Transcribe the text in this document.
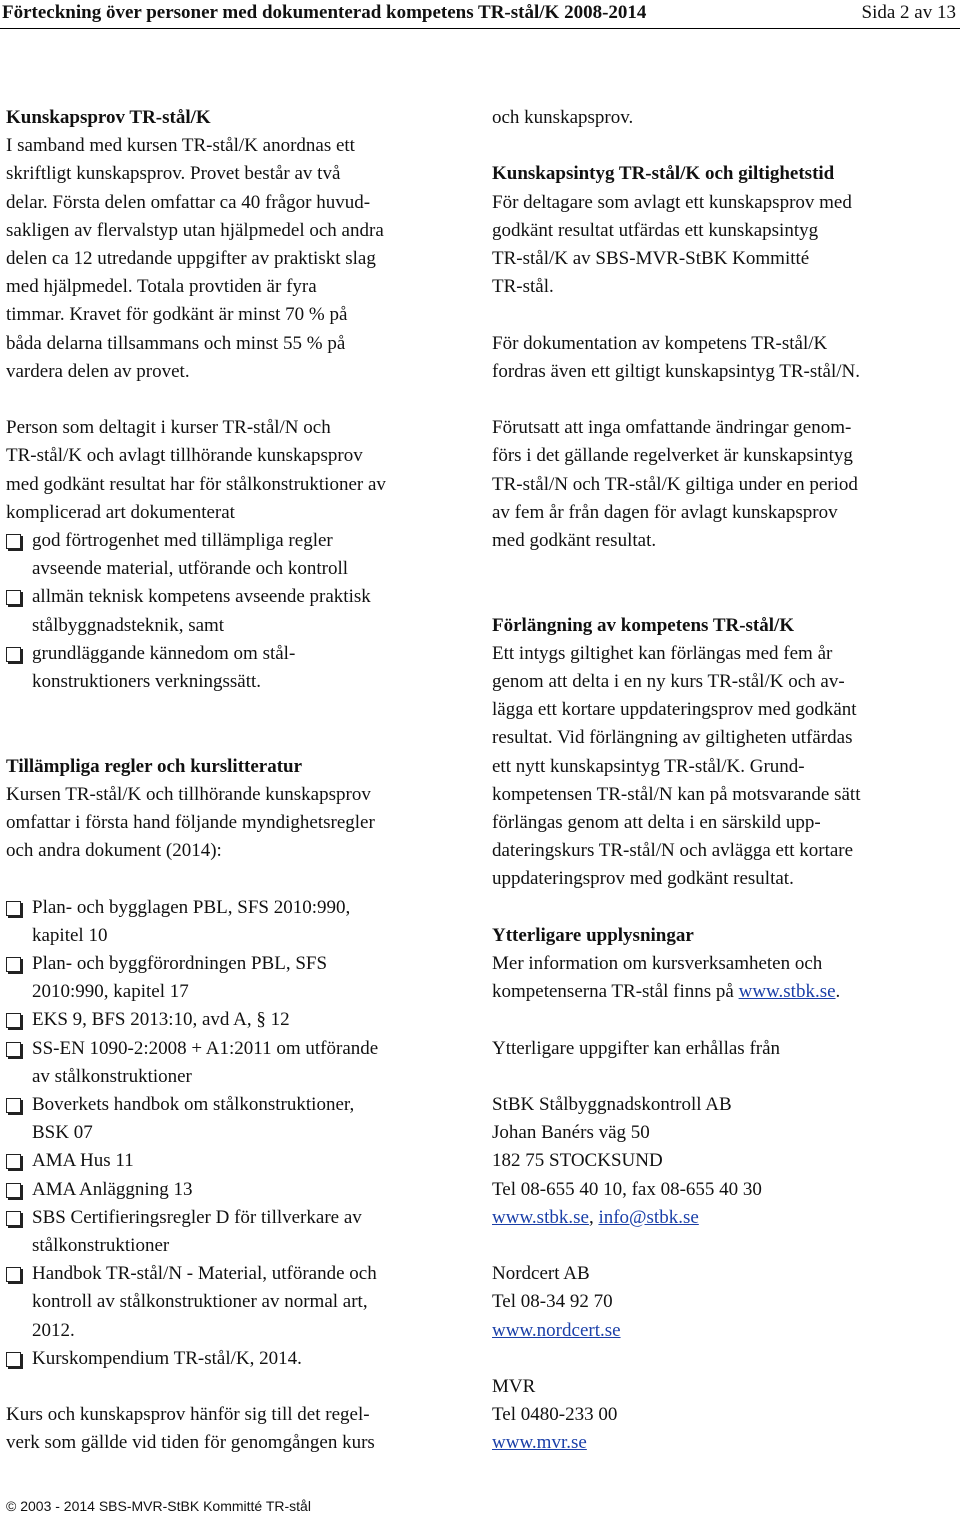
Förteckning över personer med dokumenterad kompetens TR-stål/K 2008-2014	Sida 2 av 13

Kunskapsprov TR-stål/K

I samband med kursen TR-stål/K anordnas ett

skriftligt kunskapsprov. Provet består av två

delar. Första delen omfattar ca 40 frågor huvud-

sakligen av flervalstyp utan hjälpmedel och andra

delen ca 12 utredande uppgifter av praktiskt slag

med hjälpmedel. Totala provtiden är fyra

timmar. Kravet för godkänt är minst 70 % på

båda delarna tillsammans och minst 55 % på

vardera delen av provet.

Person som deltagit i kurser TR-stål/N och

TR-stål/K och avlagt tillhörande kunskapsprov

med godkänt resultat har för stålkonstruktioner av

komplicerad art dokumenterat

god förtrogenhet med tillämpliga regler
avseende material, utförande och kontroll
allmän teknisk kompetens avseende praktisk
stålbyggnadsteknik, samt
grundläggande kännedom om stål-
konstruktioners verkningssätt.

Tillämpliga regler och kurslitteratur

Kursen TR-stål/K och tillhörande kunskapsprov

omfattar i första hand följande myndighetsregler

och andra dokument (2014):

Plan- och bygglagen PBL, SFS 2010:990,
kapitel 10
Plan- och byggförordningen PBL, SFS
2010:990, kapitel 17
EKS 9, BFS 2013:10, avd A, § 12
SS-EN 1090-2:2008 + A1:2011 om utförande
av stålkonstruktioner
Boverkets handbok om stålkonstruktioner,
BSK 07
AMA Hus 11
AMA Anläggning 13
SBS Certifieringsregler D för tillverkare av
stålkonstruktioner
Handbok TR-stål/N - Material, utförande och
kontroll av stålkonstruktioner av normal art,
2012.
Kurskompendium TR-stål/K, 2014.

Kurs och kunskapsprov hänför sig till det regel-

verk som gällde vid tiden för genomgången kurs

och kunskapsprov.

Kunskapsintyg TR-stål/K och giltighetstid

För deltagare som avlagt ett kunskapsprov med

godkänt resultat utfärdas ett kunskapsintyg

TR-stål/K av SBS-MVR-StBK Kommitté

TR-stål.

För dokumentation av kompetens TR-stål/K

fordras även ett giltigt kunskapsintyg TR-stål/N.

Förutsatt att inga omfattande ändringar genom-

förs i det gällande regelverket är kunskapsintyg

TR-stål/N och TR-stål/K giltiga under en period

av fem år från dagen för avlagt kunskapsprov

med godkänt resultat.

Förlängning av kompetens TR-stål/K

Ett intygs giltighet kan förlängas med fem år

genom att delta i en ny kurs TR-stål/K och av-

lägga ett kortare uppdateringsprov med godkänt

resultat. Vid förlängning av giltigheten utfärdas

ett nytt kunskapsintyg TR-stål/K. Grund-

kompetensen TR-stål/N kan på motsvarande sätt

förlängas genom att delta i en särskild upp-

dateringskurs TR-stål/N och avlägga ett kortare

uppdateringsprov med godkänt resultat.

Ytterligare upplysningar

Mer information om kursverksamheten och

kompetenserna TR-stål finns på www.stbk.se.

Ytterligare uppgifter kan erhållas från

StBK Stålbyggnadskontroll AB

Johan Banérs väg 50

182 75 STOCKSUND

Tel 08-655 40 10, fax 08-655 40 30

www.stbk.se, info@stbk.se

Nordcert AB

Tel 08-34 92 70

www.nordcert.se

MVR

Tel 0480-233 00

www.mvr.se

© 2003 - 2014 SBS-MVR-StBK Kommitté TR-stål
